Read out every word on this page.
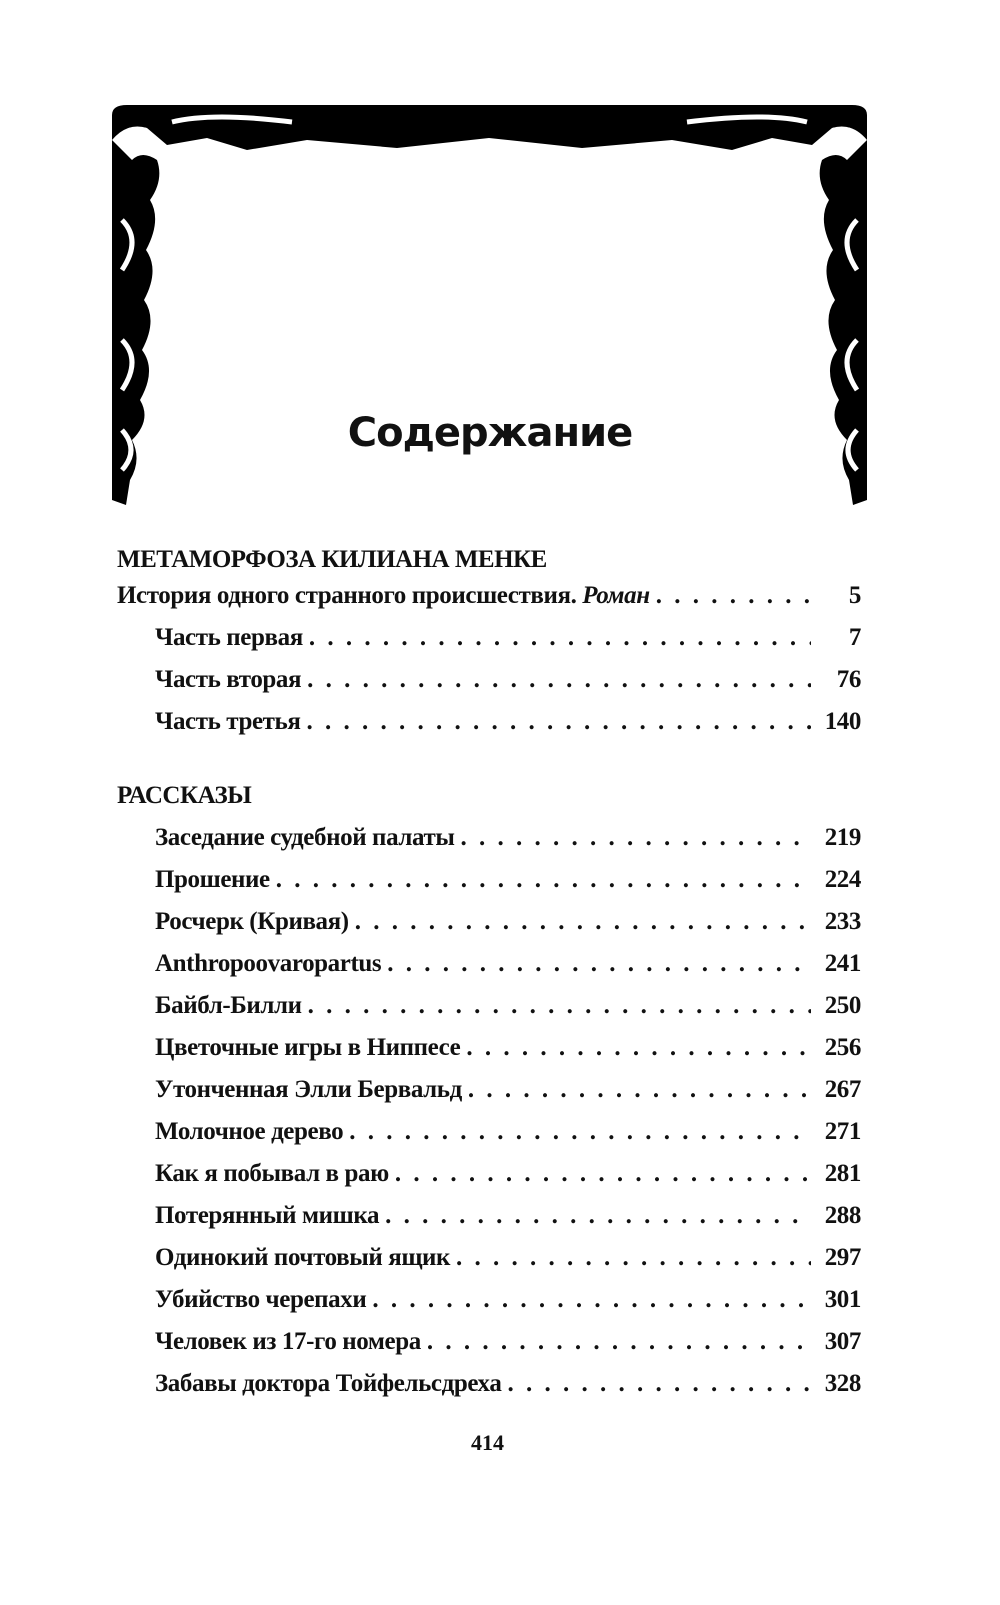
Содержание
МЕТАМОРФОЗА КИЛИАНА МЕНКЕ
История одного странного происшествия. Роман . . .	5
Часть первая . . .	7
Часть вторая . . .	76
Часть третья . . .	140
РАССКАЗЫ
Заседание судебной палаты . . .	219
Прошение . . .	224
Росчерк (Кривая) . . .	233
Anthropoovaropartus . . .	241
Байбл-Билли . . .	250
Цветочные игры в Ниппесе . . .	256
Утонченная Элли Бервальд . . .	267
Молочное дерево . . .	271
Как я побывал в раю . . .	281
Потерянный мишка . . .	288
Одинокий почтовый ящик . . .	297
Убийство черепахи . . .	301
Человек из 17-го номера . . .	307
Забавы доктора Тойфельсдреха . . .	328
414
